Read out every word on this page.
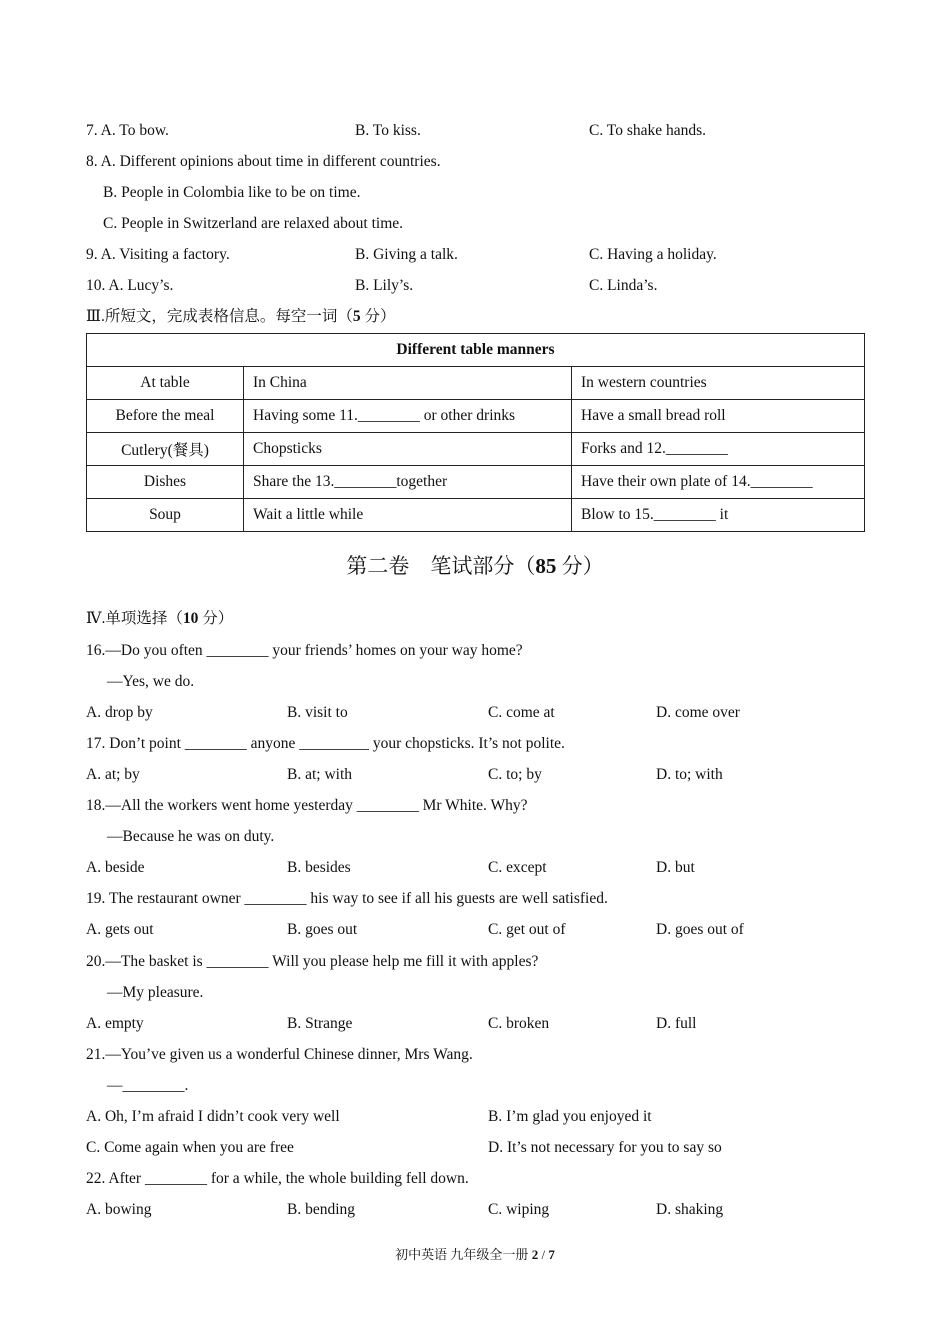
7. A. To bow.	B. To kiss.	C. To shake hands.
8. A. Different opinions about time in different countries.
B. People in Colombia like to be on time.
C. People in Switzerland are relaxed about time.
9. A. Visiting a factory.	B. Giving a talk.	C. Having a holiday.
10. A. Lucy’s.	B. Lily’s.	C. Linda’s.
Ⅲ.所短文，完成表格信息。每空一词（5 分）
Different table manners		
At table	In China	In western countries
Before the meal	Having some 11.________ or other drinks	Have a small bread roll
Cutlery(餐具)	Chopsticks	Forks and 12.________
Dishes	Share the 13.________together	Have their own plate of 14.________
Soup	Wait a little while	Blow to 15.________ it
第二卷　笔试部分（85 分）
Ⅳ.单项选择（10 分）
16.—Do you often ________ your friends’ homes on your way home?
—Yes, we do.
A. drop by	B. visit to	C. come at	D. come over
17. Don’t point ________ anyone _________ your chopsticks. It’s not polite.
A. at; by	B. at; with	C. to; by	D. to; with
18.—All the workers went home yesterday ________ Mr White. Why?
—Because he was on duty.
A. beside	B. besides	C. except	D. but
19. The restaurant owner ________ his way to see if all his guests are well satisfied.
A. gets out	B. goes out	C. get out of	D. goes out of
20.—The basket is ________ Will you please help me fill it with apples?
—My pleasure.
A. empty	B. Strange	C. broken	D. full
21.—You’ve given us a wonderful Chinese dinner, Mrs Wang.
—________.
A. Oh, I’m afraid I didn’t cook very well	B. I’m glad you enjoyed it
C. Come again when you are free	D. It’s not necessary for you to say so
22. After ________ for a while, the whole building fell down.
A. bowing	B. bending	C. wiping	D. shaking
初中英语 九年级全一册 2 / 7
